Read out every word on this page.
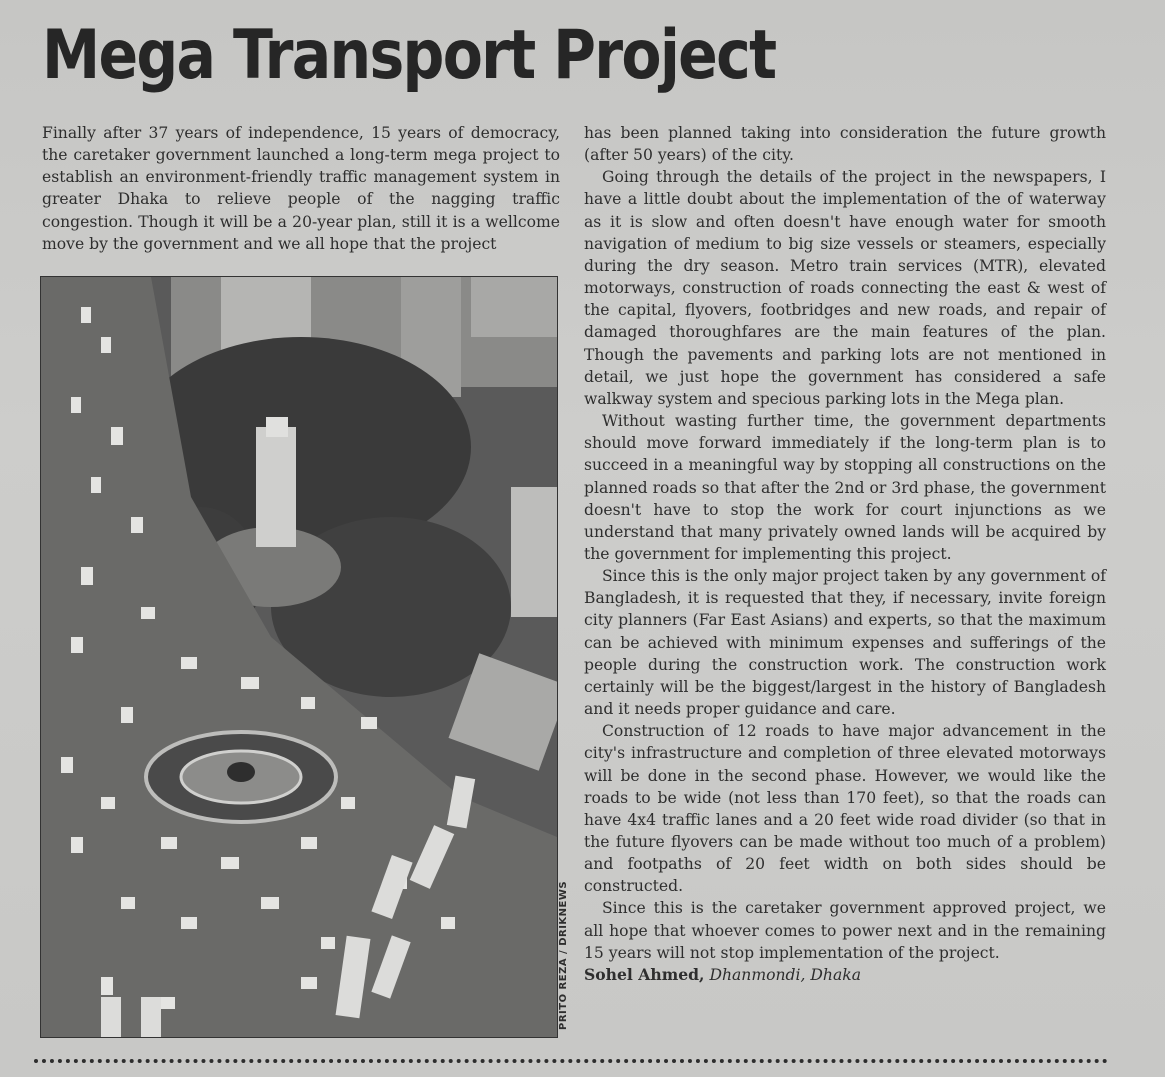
Mega Transport Project

Finally after 37 years of independence, 15 years of democracy, the caretaker government launched a long-term mega project to establish an environment-friendly traffic management system in greater Dhaka to relieve people of the nagging traffic congestion. Though it will be a 20-year plan, still it is a wellcome move by the government and we all hope that the project

PRITO REZA / DRIKNEWS

has been planned taking into consideration the future growth (after 50 years) of the city.

Going through the details of the project in the newspapers, I have a little doubt about the implementation of the of waterway as it is slow and often doesn't have enough water for smooth navigation of medium to big size vessels or steamers, especially during the dry season. Metro train services (MTR), elevated motorways, construction of roads connecting the east & west of the capital, flyovers, footbridges and new roads, and repair of damaged thoroughfares are the main features of the plan. Though the pavements and parking lots are not mentioned in detail, we just hope the government has considered a safe walkway system and specious parking lots in the Mega plan.

Without wasting further time, the government departments should move forward immediately if the long-term plan is to succeed in a meaningful way by stopping all constructions on the planned roads so that after the 2nd or 3rd phase, the government doesn't have to stop the work for court injunctions as we understand that many privately owned lands will be acquired by the government for implementing this project.

Since this is the only major project taken by any government of Bangladesh, it is requested that they, if necessary, invite foreign city planners (Far East Asians) and experts, so that the maximum can be achieved with minimum expenses and sufferings of the people during the construction work. The construction work certainly will be the biggest/largest in the history of Bangladesh and it needs proper guidance and care.

Construction of 12 roads to have major advancement in the city's infrastructure and completion of three elevated motorways will be done in the second phase. However, we would like the roads to be wide (not less than 170 feet), so that the roads can have 4x4 traffic lanes and a 20 feet wide road divider (so that in the future flyovers can be made without too much of a problem) and footpaths of 20 feet width on both sides should be constructed.

Since this is the caretaker government approved project, we all hope that whoever comes to power next and in the remaining 15 years will not stop implementation of the project.

Sohel Ahmed, Dhanmondi, Dhaka
